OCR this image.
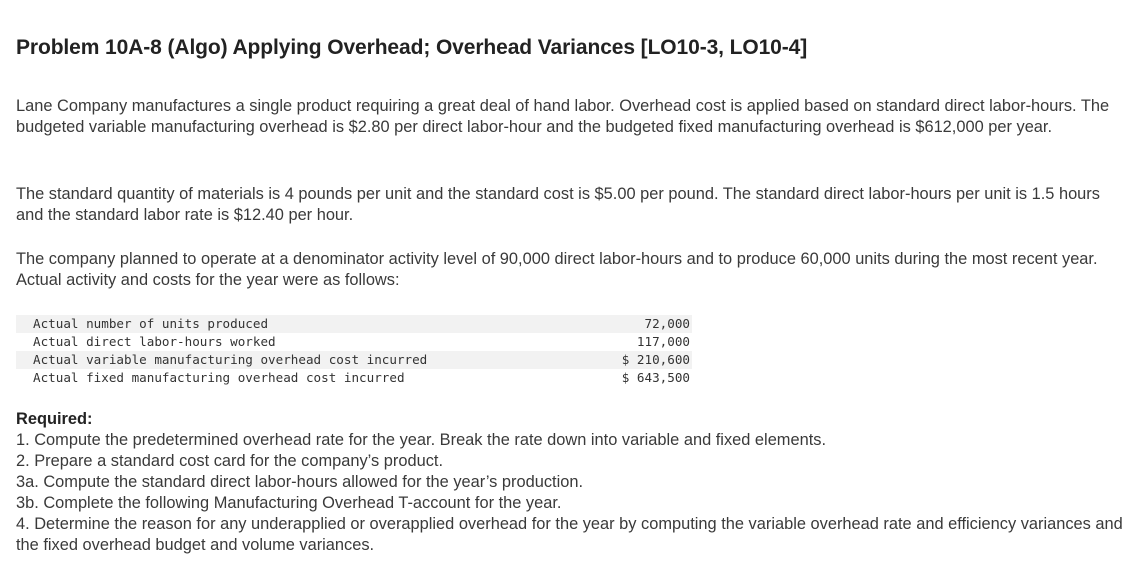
Problem 10A-8 (Algo) Applying Overhead; Overhead Variances [LO10-3, LO10-4]
Lane Company manufactures a single product requiring a great deal of hand labor. Overhead cost is applied based on standard direct labor-hours. The budgeted variable manufacturing overhead is $2.80 per direct labor-hour and the budgeted fixed manufacturing overhead is $612,000 per year.
The standard quantity of materials is 4 pounds per unit and the standard cost is $5.00 per pound. The standard direct labor-hours per unit is 1.5 hours and the standard labor rate is $12.40 per hour.
The company planned to operate at a denominator activity level of 90,000 direct labor-hours and to produce 60,000 units during the most recent year. Actual activity and costs for the year were as follows:
Actual number of units produced	72,000
Actual direct labor-hours worked	117,000
Actual variable manufacturing overhead cost incurred	$ 210,600
Actual fixed manufacturing overhead cost incurred	$ 643,500
Required:
1. Compute the predetermined overhead rate for the year. Break the rate down into variable and fixed elements.
2. Prepare a standard cost card for the company’s product.
3a. Compute the standard direct labor-hours allowed for the year’s production.
3b. Complete the following Manufacturing Overhead T-account for the year.
4. Determine the reason for any underapplied or overapplied overhead for the year by computing the variable overhead rate and efficiency variances and the fixed overhead budget and volume variances.
